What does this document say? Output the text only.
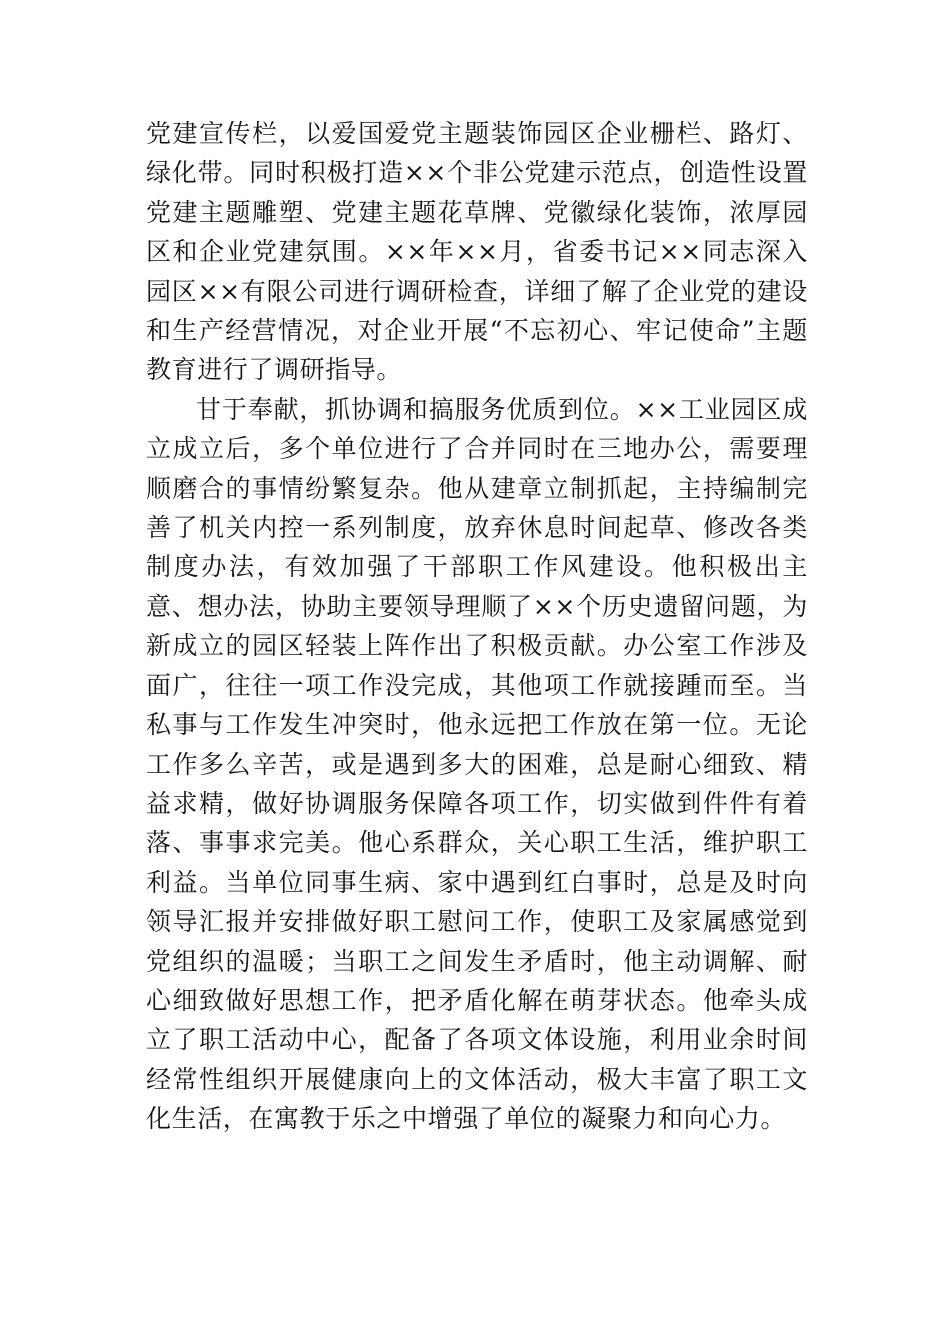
党建宣传栏，以爱国爱党主题装饰园区企业栅栏、路灯、绿化带。同时积极打造××个非公党建示范点，创造性设置党建主题雕塑、党建主题花草牌、党徽绿化装饰，浓厚园区和企业党建氛围。××年××月，省委书记××同志深入园区××有限公司进行调研检查，详细了解了企业党的建设和生产经营情况，对企业开展“不忘初心、牢记使命”主题教育进行了调研指导。

甘于奉献，抓协调和搞服务优质到位。××工业园区成立成立后，多个单位进行了合并同时在三地办公，需要理顺磨合的事情纷繁复杂。他从建章立制抓起，主持编制完善了机关内控一系列制度，放弃休息时间起草、修改各类制度办法，有效加强了干部职工作风建设。他积极出主意、想办法，协助主要领导理顺了××个历史遗留问题，为新成立的园区轻装上阵作出了积极贡献。办公室工作涉及面广，往往一项工作没完成，其他项工作就接踵而至。当私事与工作发生冲突时，他永远把工作放在第一位。无论工作多么辛苦，或是遇到多大的困难，总是耐心细致、精益求精，做好协调服务保障各项工作，切实做到件件有着落、事事求完美。他心系群众，关心职工生活，维护职工利益。当单位同事生病、家中遇到红白事时，总是及时向领导汇报并安排做好职工慰问工作，使职工及家属感觉到党组织的温暖；当职工之间发生矛盾时，他主动调解、耐心细致做好思想工作，把矛盾化解在萌芽状态。他牵头成立了职工活动中心，配备了各项文体设施，利用业余时间经常性组织开展健康向上的文体活动，极大丰富了职工文化生活，在寓教于乐之中增强了单位的凝聚力和向心力。
